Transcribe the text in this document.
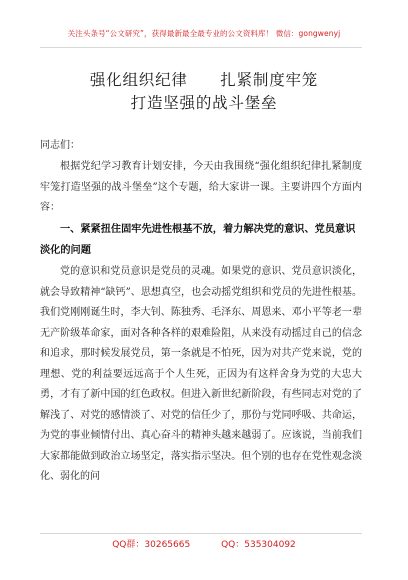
关注头条号“公文研究”，获得最新最全最专业的公文资料库！ 微信：gongwenyj
强化组织纪律　　扎紧制度牢笼
打造坚强的战斗堡垒
同志们：

根据党纪学习教育计划安排，今天由我围绕“强化组织纪律扎紧制度牢笼打造坚强的战斗堡垒”这个专题，给大家讲一课。主要讲四个方面内容：

一、紧紧扭住固牢先进性根基不放，着力解决党的意识、党员意识淡化的问题

党的意识和党员意识是党员的灵魂。如果党的意识、党员意识淡化，就会导致精神“缺钙”、思想真空，也会动摇党组织和党员的先进性根基。我们党刚刚诞生时，李大钊、陈独秀、毛泽东、周恩来、邓小平等老一辈无产阶级革命家，面对各种各样的艰难险阻，从来没有动摇过自己的信念和追求，那时候发展党员，第一条就是不怕死，因为对共产党来说，党的理想、党的利益要远远高于个人生死，正因为有这样舍身为党的大忠大勇，才有了新中国的红色政权。但进入新世纪新阶段，有些同志对党的了解浅了、对党的感情淡了、对党的信任少了，那份与党同呼吸、共命运，为党的事业倾情付出、真心奋斗的精神头越来越弱了。应该说，当前我们大家都能做到政治立场坚定，落实指示坚决。但个别的也存在党性观念淡化、弱化的问

QQ群：30265665	QQ：535304092
